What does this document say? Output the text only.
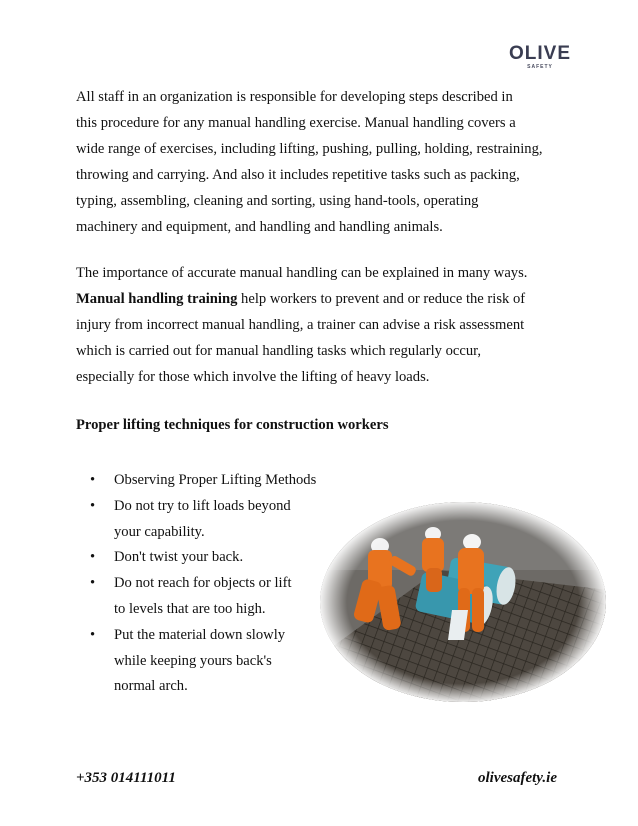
OLIVE
SAFETY
All staff in an organization is responsible for developing steps described in
this procedure for any manual handling exercise. Manual handling covers a
wide range of exercises, including lifting, pushing, pulling, holding, restraining,
throwing and carrying. And also it includes repetitive tasks such as packing,
typing, assembling, cleaning and sorting, using hand-tools, operating
machinery and equipment, and handling and handling animals.
The importance of accurate manual handling can be explained in many ways.
Manual handling training help workers to prevent and or reduce the risk of
injury from incorrect manual handling, a trainer can advise a risk assessment
which is carried out for manual handling tasks which regularly occur,
especially for those which involve the lifting of heavy loads.
Proper lifting techniques for construction workers
• Observing Proper Lifting Methods
• Do not try to lift loads beyond
your capability.
• Don't twist your back.
• Do not reach for objects or lift
to levels that are too high.
• Put the material down slowly
while keeping yours back's
normal arch.
+353 014111011	olivesafety.ie
